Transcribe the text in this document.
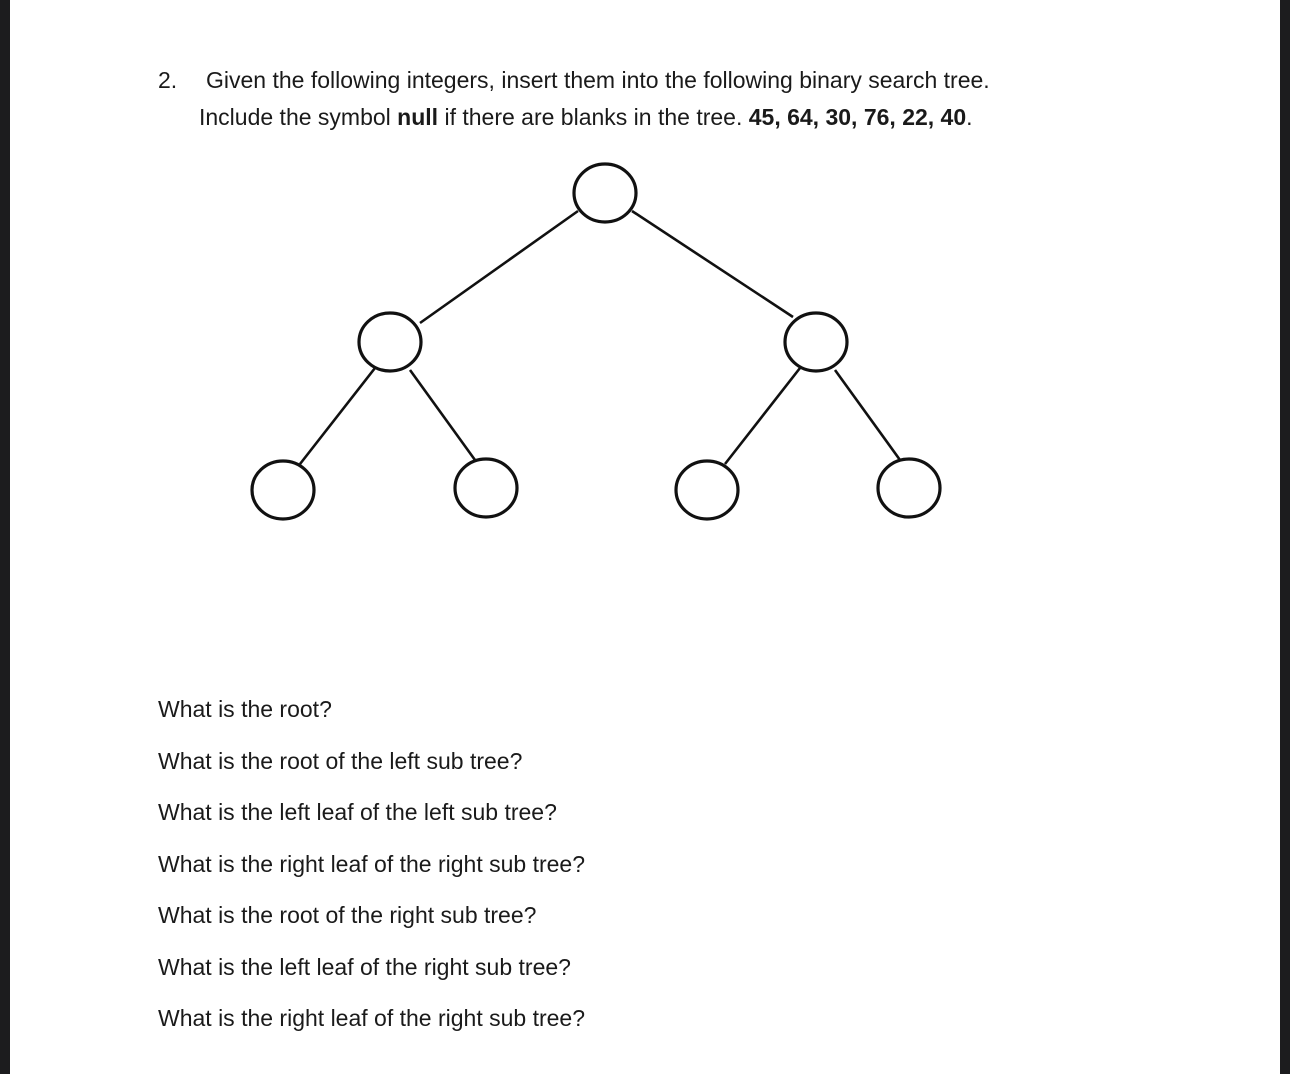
2. Given the following integers, insert them into the following binary search tree.
Include the symbol null if there are blanks in the tree. 45, 64, 30, 76, 22, 40.
What is the root?
What is the root of the left sub tree?
What is the left leaf of the left sub tree?
What is the right leaf of the right sub tree?
What is the root of the right sub tree?
What is the left leaf of the right sub tree?
What is the right leaf of the right sub tree?
